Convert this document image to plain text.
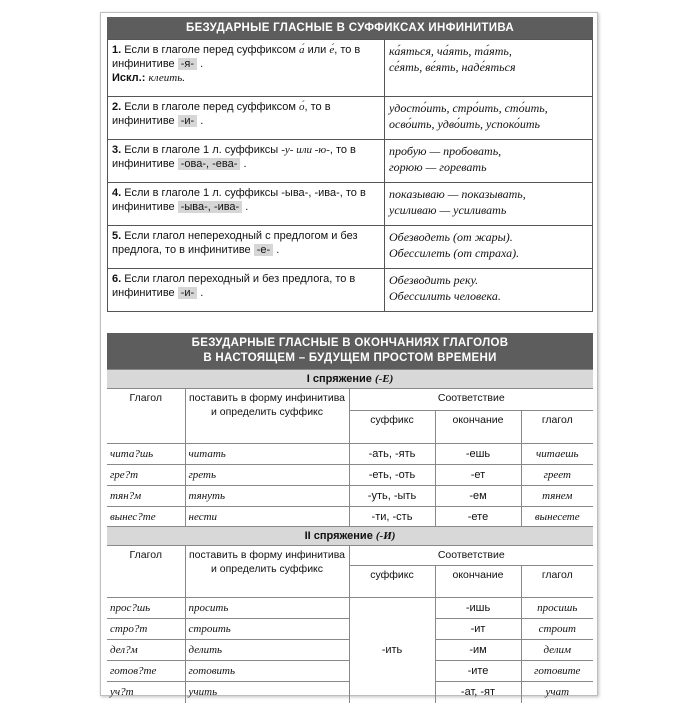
БЕЗУДАРНЫЕ ГЛАСНЫЕ В СУФФИКСАХ ИНФИНИТИВА
1. Если в глаголе перед суффиксом а́ или е́, то в инфинитиве -я- .
Искл.: клеить.	ка́яться, ча́ять, та́ять,
се́ять, ве́ять, наде́яться
2. Если в глаголе перед суффиксом о́, то в инфинитиве -и- .	удосто́ить, стро́ить, сто́ить,
осво́ить, удво́ить, успоко́ить
3. Если в глаголе 1 л. суффиксы -у- или -ю-, то в инфинитиве -ова-, -ева- .	пробую — пробовать,
горюю — горевать
4. Если в глаголе 1 л. суффиксы -ыва-, -ива-, то в инфинитиве -ыва-, -ива- .	показываю — показывать,
усиливаю — усиливать
5. Если глагол непереходный с предлогом и без предлога, то в инфинитиве -е- .	Обезводеть (от жары).
Обессилеть (от страха).
6. Если глагол переходный и без предлога, то в инфинитиве -и- .	Обезводить реку.
Обессилить человека.
БЕЗУДАРНЫЕ ГЛАСНЫЕ В ОКОНЧАНИЯХ ГЛАГОЛОВ
В НАСТОЯЩЕМ – БУДУЩЕМ ПРОСТОМ ВРЕМЕНИ
I спряжение (-Е)				
Глагол	поставить в форму инфинитива и определить суффикс	Соответствие		
		суффикс	окончание	глагол
чита?шь	читать	-ать, -ять	-ешь	читаешь
гре?т	греть	-еть, -оть	-ет	греет
тян?м	тянуть	-уть, -ыть	-ем	тянем
вынес?те	нести	-ти, -сть	-ете	вынесете
II спряжение (-И)				
Глагол	поставить в форму инфинитива и определить суффикс	Соответствие		
		суффикс	окончание	глагол
прос?шь	просить	-ить	-ишь	просишь
стро?т	строить		-ит	строит
дел?м	делить		-им	делим
готов?те	готовить		-ите	готовите
уч?т	учить		-ат, -ят	учат
